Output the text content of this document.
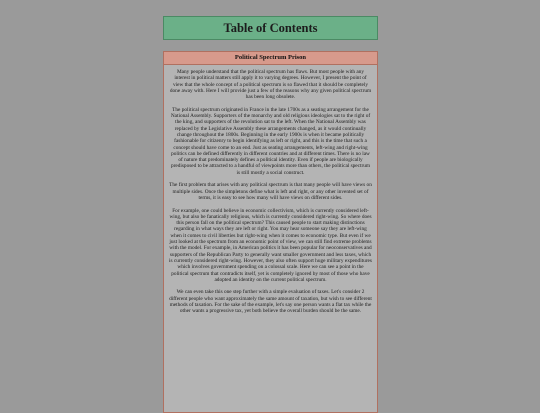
Table of Contents
Political Spectrum Prison

Many people understand that the political spectrum has flaws. But most people with any interest in political matters still apply it to varying degrees. However, I present the point of view that the whole concept of a political spectrum is so flawed that it should be completely done away with. Here I will provide just a few of the reasons why any given political spectrum has been long obsolete.

The political spectrum originated in France in the late 1700s as a seating arrangement for the National Assembly. Supporters of the monarchy and old religious ideologies sat to the right of the king, and supporters of the revolution sat to the left. When the National Assembly was replaced by the Legislative Assembly these arrangements changed, as it would continually change throughout the 1800s. Beginning in the early 1900s is when it became politically fashionable for citizenry to begin identifying as left or right, and this is the time that such a concept should have come to an end. Just as seating arrangements, left-wing and right-wing politics can be defined differently in different countries and at different times. There is no law of nature that predominately defines a political identity. Even if people are biologically predisposed to be attracted to a handful of viewpoints more than others, the political spectrum is still mostly a social construct.

The first problem that arises with any political spectrum is that many people will have views on multiple sides. Once the simpletons define what is left and right, or any other invented set of terms, it is easy to see how many will have views on different sides.

For example, one could believe in economic collectivism, which is currently considered left-wing, but also be fanatically religious, which is currently considered right-wing. So where does this person fall on the political spectrum? This caused people to start making distinctions regarding in what ways they are left or right. You may hear someone say they are left-wing when it comes to civil liberties but right-wing when it comes to economic type. But even if we just looked at the spectrum from an economic point of view, we can still find extreme problems with the model. For example, in American politics it has been popular for neoconservatives and supporters of the Republican Party to generally want smaller government and less taxes, which is currently considered right-wing. However, they also often support huge military expenditures which involves government spending on a colossal scale. Here we can see a point in the political spectrum that contradicts itself, yet is completely ignored by most of those who have adopted an identity on the current political spectrum.

We can even take this one step further with a simple evaluation of taxes. Let's consider 2 different people who want approximately the same amount of taxation, but wish to see different methods of taxation. For the sake of the example, let's say one person wants a flat tax while the other wants a progressive tax, yet both believe the overall burden should be the same.
